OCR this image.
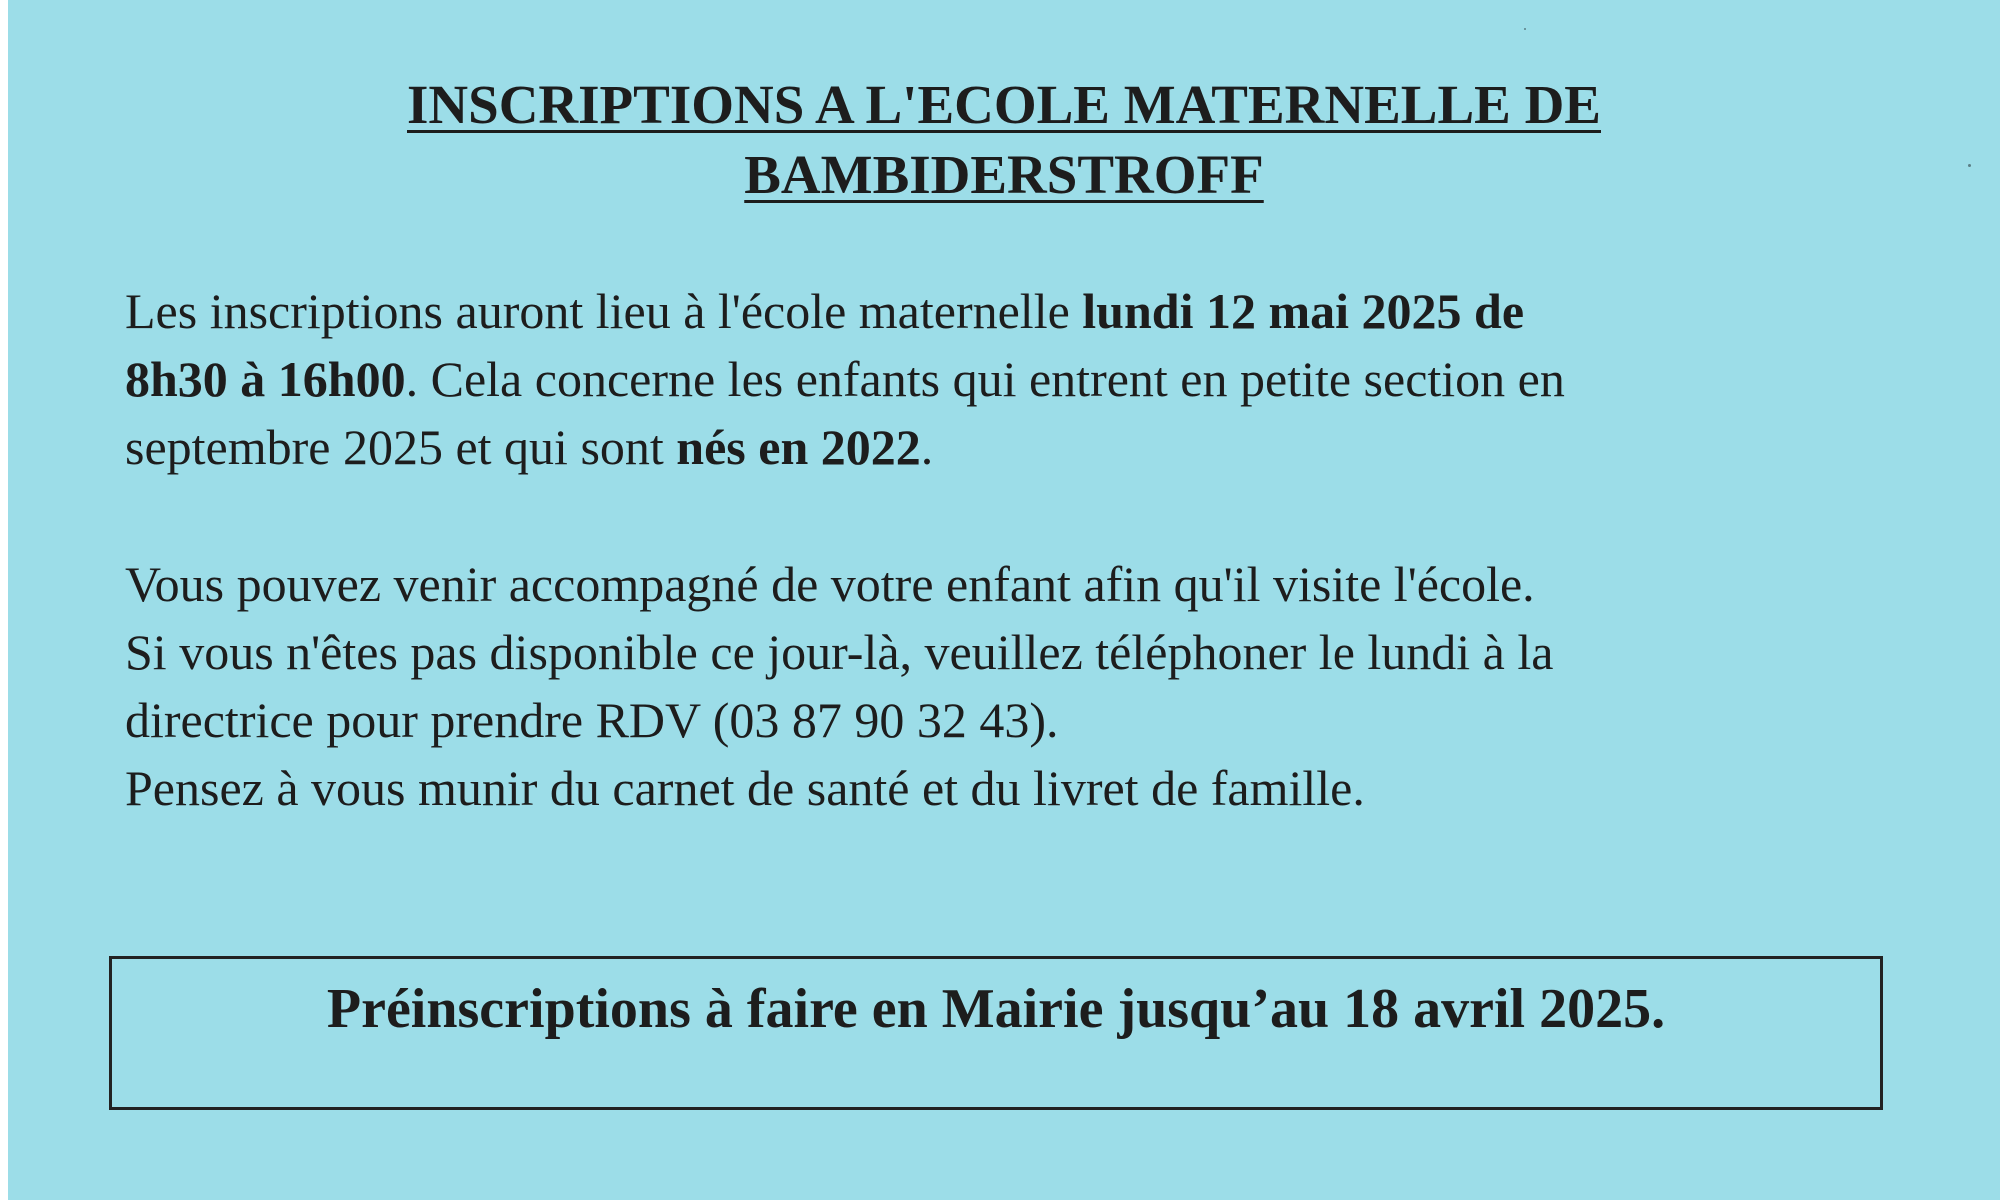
INSCRIPTIONS A L'ECOLE MATERNELLE DE
BAMBIDERSTROFF

Les inscriptions auront lieu à l'école maternelle lundi 12 mai 2025 de
8h30 à 16h00. Cela concerne les enfants qui entrent en petite section en
septembre 2025 et qui sont nés en 2022.

Vous pouvez venir accompagné de votre enfant afin qu'il visite l'école.
Si vous n'êtes pas disponible ce jour-là, veuillez téléphoner le lundi à la
directrice pour prendre RDV (03 87 90 32 43).
Pensez à vous munir du carnet de santé et du livret de famille.

Préinscriptions à faire en Mairie jusqu’au 18 avril 2025.
